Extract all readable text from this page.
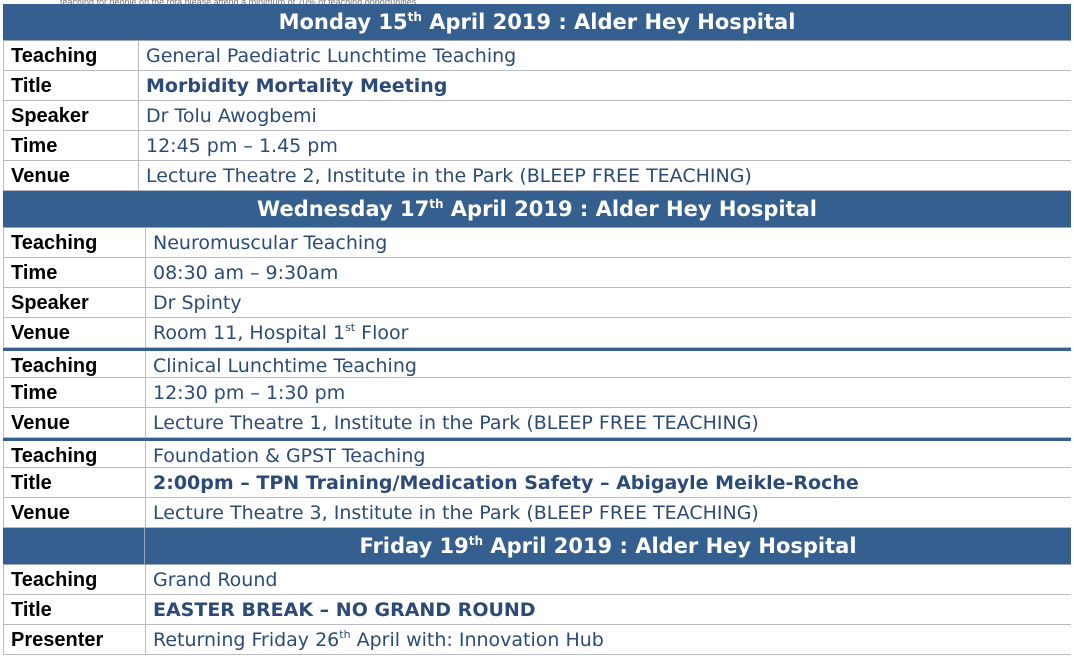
Monday 15th April 2019 : Alder Hey Hospital
Teaching	General Paediatric Lunchtime Teaching
Title	Morbidity Mortality Meeting
Speaker	Dr Tolu Awogbemi
Time	12:45 pm – 1.45 pm
Venue	Lecture Theatre 2, Institute in the Park (BLEEP FREE TEACHING)
Wednesday 17th April 2019 : Alder Hey Hospital
Teaching	Neuromuscular Teaching
Time	08:30 am – 9:30am
Speaker	Dr Spinty
Venue	Room 11, Hospital 1st Floor
Teaching	Clinical Lunchtime Teaching
Time	12:30 pm – 1:30 pm
Venue	Lecture Theatre 1, Institute in the Park (BLEEP FREE TEACHING)
Teaching	Foundation & GPST Teaching
Title	2:00pm – TPN Training/Medication Safety – Abigayle Meikle-Roche
Venue	Lecture Theatre 3, Institute in the Park (BLEEP FREE TEACHING)
Friday 19th April 2019 : Alder Hey Hospital
Teaching	Grand Round
Title	EASTER BREAK – NO GRAND ROUND
Presenter	Returning Friday 26th April with: Innovation Hub
